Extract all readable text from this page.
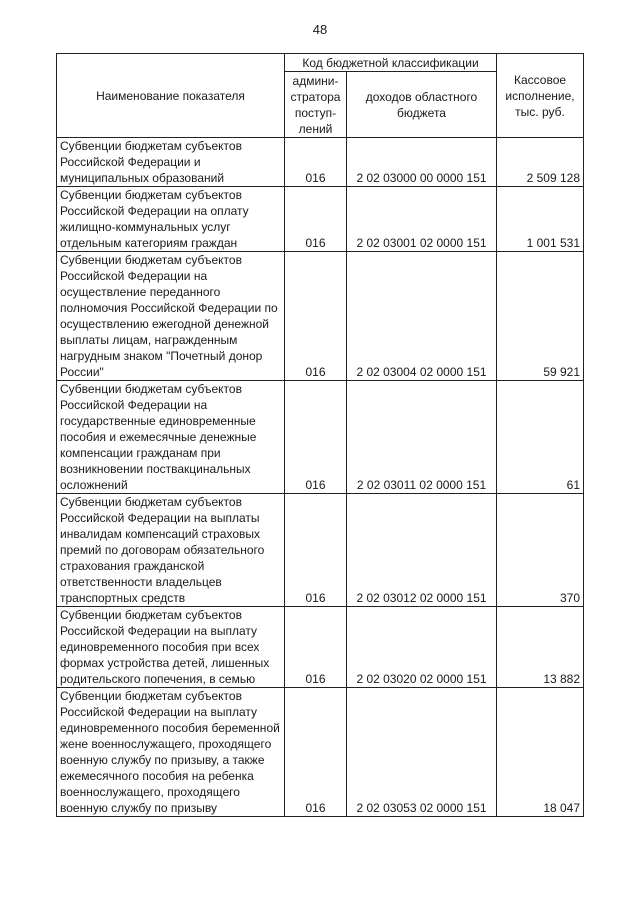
48
Наименование показателя	Код бюджетной классификации		Кассовое исполнение, тыс. руб.
	админи-стратора поступ-лений	доходов областного бюджета	
Субвенции бюджетам субъектов Российской Федерации и муниципальных образований	016	2 02 03000 00 0000 151	2 509 128
Субвенции бюджетам субъектов Российской Федерации на оплату жилищно-коммунальных услуг отдельным категориям граждан	016	2 02 03001 02 0000 151	1 001 531
Субвенции бюджетам субъектов Российской Федерации на осуществление переданного полномочия Российской Федерации по осуществлению ежегодной денежной выплаты лицам, награжденным нагрудным знаком "Почетный донор России"	016	2 02 03004 02 0000 151	59 921
Субвенции бюджетам субъектов Российской Федерации на государственные единовременные пособия и ежемесячные денежные компенсации гражданам при возникновении поствакцинальных осложнений	016	2 02 03011 02 0000 151	61
Субвенции бюджетам субъектов Российской Федерации на выплаты инвалидам компенсаций страховых премий по договорам обязательного страхования гражданской ответственности владельцев транспортных средств	016	2 02 03012 02 0000 151	370
Субвенции бюджетам субъектов Российской Федерации на выплату единовременного пособия при всех формах устройства детей, лишенных родительского попечения, в семью	016	2 02 03020 02 0000 151	13 882
Субвенции бюджетам субъектов Российской Федерации на выплату единовременного пособия беременной жене военнослужащего, проходящего военную службу по призыву, а также ежемесячного пособия на ребенка военнослужащего, проходящего военную службу по призыву	016	2 02 03053 02 0000 151	18 047
